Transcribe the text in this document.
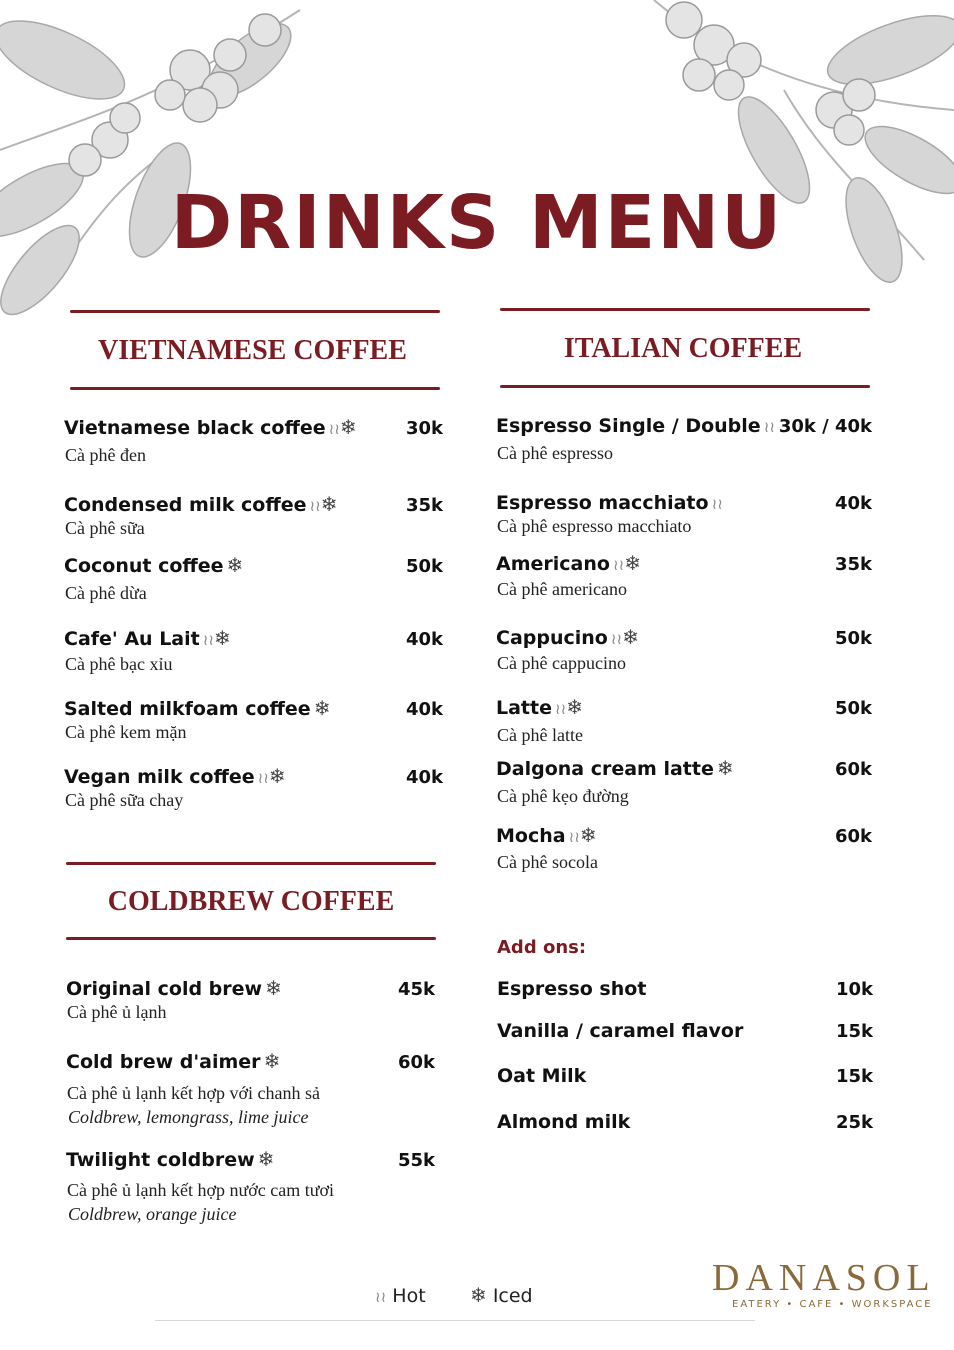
DRINKS MENU
VIETNAMESE COFFEE
Vietnamese black coffee ≀≀❄	30k
Cà phê đen
Condensed milk coffee ≀≀❄	35k
Cà phê sữa
Coconut coffee ❄	50k
Cà phê dừa
Cafe' Au Lait ≀≀❄	40k
Cà phê bạc xỉu
Salted milkfoam coffee ❄	40k
Cà phê kem mặn
Vegan milk coffee ≀≀❄	40k
Cà phê sữa chay
COLDBREW COFFEE
Original cold brew ❄	45k
Cà phê ủ lạnh
Cold brew d'aimer ❄	60k
Cà phê ủ lạnh kết hợp với chanh sả
Coldbrew, lemongrass, lime juice
Twilight coldbrew ❄	55k
Cà phê ủ lạnh kết hợp nước cam tươi
Coldbrew, orange juice
ITALIAN COFFEE
Espresso Single / Double ≀≀ 30k / 40k
Cà phê espresso
Espresso macchiato ≀≀	40k
Cà phê espresso macchiato
Americano ≀≀❄	35k
Cà phê americano
Cappucino ≀≀❄	50k
Cà phê cappucino
Latte ≀≀❄	50k
Cà phê latte
Dalgona cream latte ❄	60k
Cà phê kẹo đường
Mocha ≀≀❄	60k
Cà phê socola
Add ons:
Espresso shot	10k
Vanilla / caramel flavor	15k
Oat Milk	15k
Almond milk	25k
≀≀ Hot ❄ Iced	DANASOL
EATERY • CAFE • WORKSPACE
